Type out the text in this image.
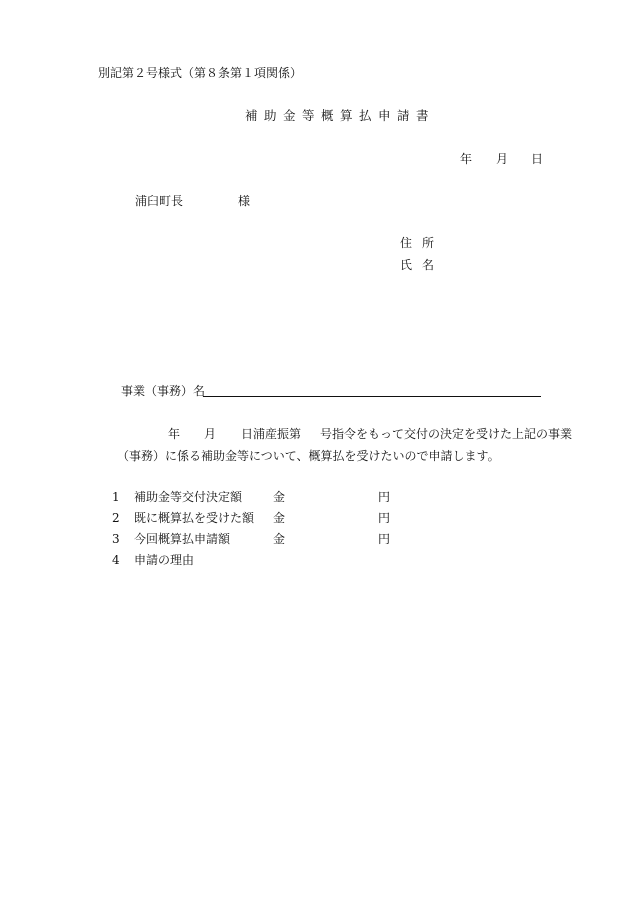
別記第２号様式（第８条第１項関係）
補助金等概算払申請書
年 月 日
浦臼町長	様
住所
氏名
事業（事務）名
年 月 日浦産振第 号指令をもって交付の決定を受けた上記の事業
（事務）に係る補助金等について、概算払を受けたいので申請します。
1 補助金等交付決定額	金	円
2 既に概算払を受けた額 金	円
3 今回概算払申請額	金	円
4 申請の理由
